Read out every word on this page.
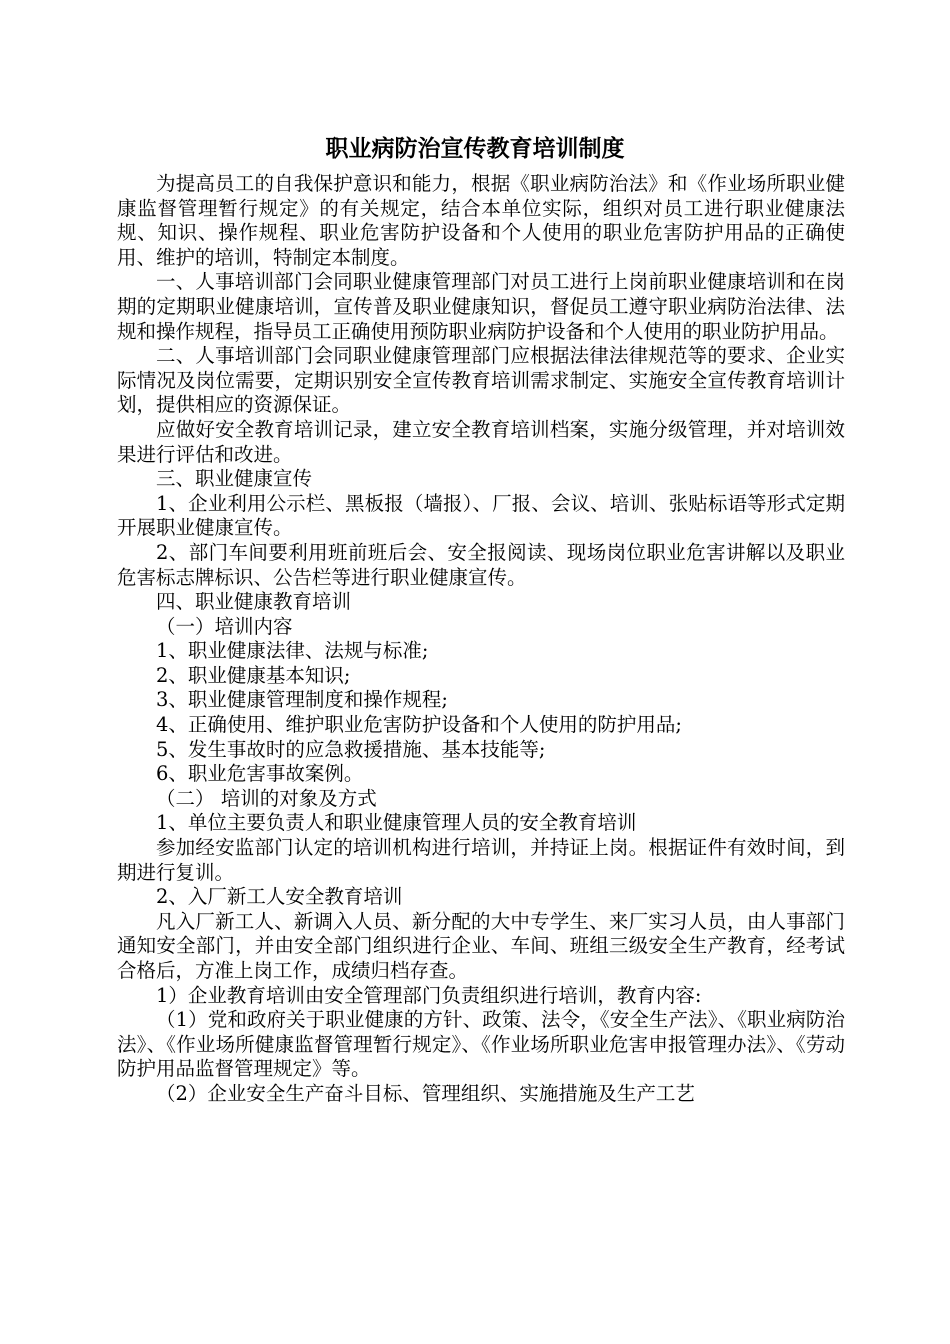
职业病防治宣传教育培训制度

为提高员工的自我保护意识和能力，根据《职业病防治法》和《作业场所职业健康监督管理暂行规定》的有关规定，结合本单位实际，组织对员工进行职业健康法规、知识、操作规程、职业危害防护设备和个人使用的职业危害防护用品的正确使用、维护的培训，特制定本制度。

一、人事培训部门会同职业健康管理部门对员工进行上岗前职业健康培训和在岗期的定期职业健康培训，宣传普及职业健康知识，督促员工遵守职业病防治法律、法规和操作规程，指导员工正确使用预防职业病防护设备和个人使用的职业防护用品。

二、人事培训部门会同职业健康管理部门应根据法律法律规范等的要求、企业实际情况及岗位需要，定期识别安全宣传教育培训需求制定、实施安全宣传教育培训计划，提供相应的资源保证。

应做好安全教育培训记录，建立安全教育培训档案，实施分级管理，并对培训效果进行评估和改进。

三、职业健康宣传

1、企业利用公示栏、黑板报（墙报）、厂报、会议、培训、张贴标语等形式定期开展职业健康宣传。

2、部门车间要利用班前班后会、安全报阅读、现场岗位职业危害讲解以及职业危害标志牌标识、公告栏等进行职业健康宣传。

四、职业健康教育培训

（一）培训内容

1、职业健康法律、法规与标准;

2、职业健康基本知识;

3、职业健康管理制度和操作规程;

4、正确使用、维护职业危害防护设备和个人使用的防护用品;

5、发生事故时的应急救援措施、基本技能等;

6、职业危害事故案例。

（二） 培训的对象及方式

1、单位主要负责人和职业健康管理人员的安全教育培训

参加经安监部门认定的培训机构进行培训，并持证上岗。根据证件有效时间，到期进行复训。

2、入厂新工人安全教育培训

凡入厂新工人、新调入人员、新分配的大中专学生、来厂实习人员，由人事部门通知安全部门，并由安全部门组织进行企业、车间、班组三级安全生产教育，经考试合格后，方准上岗工作，成绩归档存查。

1）企业教育培训由安全管理部门负责组织进行培训，教育内容:

（1）党和政府关于职业健康的方针、政策、法令，《安全生产法》、《职业病防治法》、《作业场所健康监督管理暂行规定》、《作业场所职业危害申报管理办法》、《劳动防护用品监督管理规定》等。

（2）企业安全生产奋斗目标、管理组织、实施措施及生产工艺
